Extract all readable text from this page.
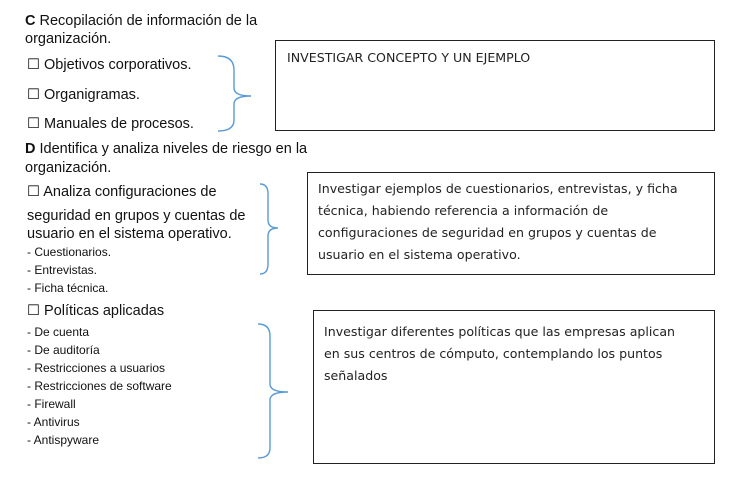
C Recopilación de información de la
organización.
☐ Objetivos corporativos.
☐ Organigramas.
☐ Manuales de procesos.
INVESTIGAR CONCEPTO Y UN EJEMPLO
D Identifica y analiza niveles de riesgo en la
organización.
☐ Analiza configuraciones de
seguridad en grupos y cuentas de
usuario en el sistema operativo.
- Cuestionarios.
- Entrevistas.
- Ficha técnica.
Investigar ejemplos de cuestionarios, entrevistas, y ficha
técnica, habiendo referencia a información de
configuraciones de seguridad en grupos y cuentas de
usuario en el sistema operativo.
☐ Políticas aplicadas
- De cuenta
- De auditoría
- Restricciones a usuarios
- Restricciones de software
- Firewall
- Antivirus
- Antispyware
Investigar diferentes políticas que las empresas aplican
en sus centros de cómputo, contemplando los puntos
señalados
